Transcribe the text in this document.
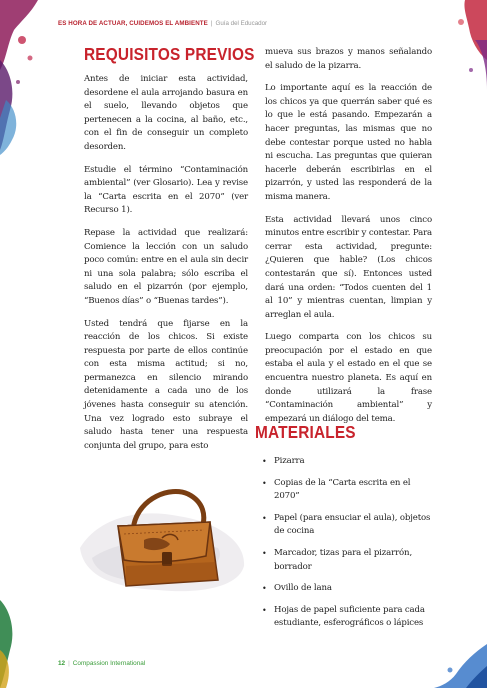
ES HORA DE ACTUAR, CUIDEMOS EL AMBIENTE | Guía del Educador
REQUISITOS PREVIOS

Antes de iniciar esta actividad, desordene el aula arrojando basura en el suelo, llevando objetos que pertenecen a la cocina, al baño, etc., con el fin de conseguir un completo desorden.

Estudie el término “Contaminación ambiental” (ver Glosario). Lea y revise la “Carta escrita en el 2070” (ver Recurso 1).

Repase la actividad que realizará: Comience la lección con un saludo poco común: entre en el aula sin decir ni una sola palabra; sólo escriba el saludo en el pizarrón (por ejemplo, “Buenos días” o “Buenas tardes”).

Usted tendrá que fijarse en la reacción de los chicos. Si existe respuesta por parte de ellos continúe con esta misma actitud; si no, permanezca en silencio mirando detenidamente a cada uno de los jóvenes hasta conseguir su atención. Una vez logrado esto subraye el saludo hasta tener una respuesta conjunta del grupo, para esto

mueva sus brazos y manos señalando el saludo de la pizarra.

Lo importante aquí es la reacción de los chicos ya que querrán saber qué es lo que le está pasando. Empezarán a hacer preguntas, las mismas que no debe contestar porque usted no habla ni escucha. Las preguntas que quieran hacerle deberán escribirlas en el pizarrón, y usted las responderá de la misma manera.

Esta actividad llevará unos cinco minutos entre escribir y contestar. Para cerrar esta actividad, pregunte: ¿Quieren que hable? (Los chicos contestarán que sí). Entonces usted dará una orden: “Todos cuenten del 1 al 10” y mientras cuentan, limpian y arreglan el aula.

Luego comparta con los chicos su preocupación por el estado en que estaba el aula y el estado en el que se encuentra nuestro planeta. Es aquí en donde utilizará la frase “Contaminación ambiental” y empezará un diálogo del tema.

MATERIALES
• Pizarra
• Copias de la “Carta escrita en el 2070”
• Papel (para ensuciar el aula), objetos de cocina
• Marcador, tizas para el pizarrón, borrador
• Ovillo de lana
• Hojas de papel suficiente para cada estudiante, esferográficos o lápices
12 | Compassion International
